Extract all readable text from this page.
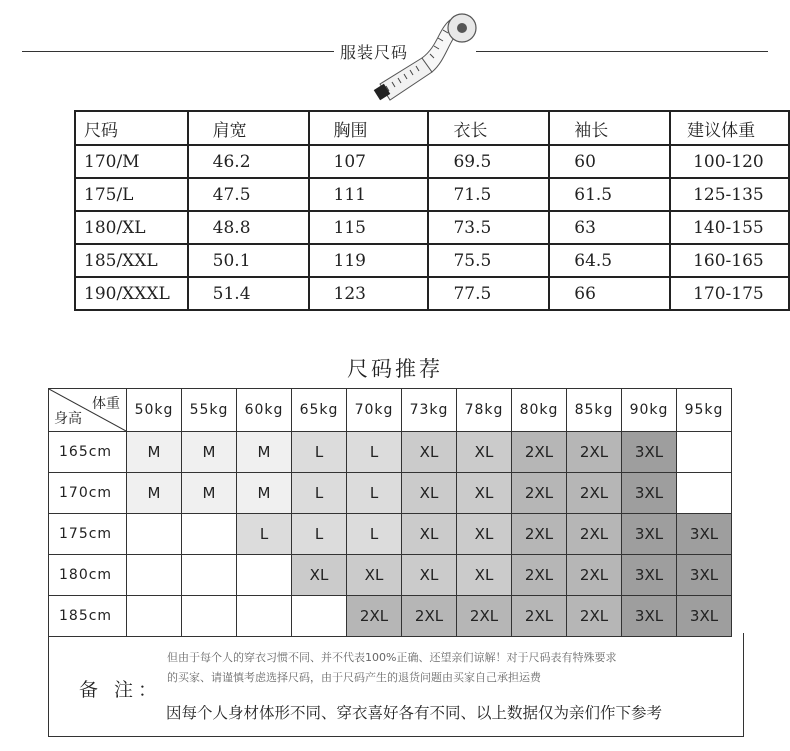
服装尺码
尺码	肩宽	胸围	衣长	袖长	建议体重
170/M	46.2	107	69.5	60	100-120
175/L	47.5	111	71.5	61.5	125-135
180/XL	48.8	115	73.5	63	140-155
185/XXL	50.1	119	75.5	64.5	160-165
190/XXXL	51.4	123	77.5	66	170-175
尺码推荐
体重
身高	50kg	55kg	60kg	65kg	70kg	73kg	78kg	80kg	85kg	90kg	95kg
165cm	M	M	M	L	L	XL	XL	2XL	2XL	3XL	
170cm	M	M	M	L	L	XL	XL	2XL	2XL	3XL	
175cm			L	L	L	XL	XL	2XL	2XL	3XL	3XL
180cm				XL	XL	XL	XL	2XL	2XL	3XL	3XL
185cm					2XL	2XL	2XL	2XL	2XL	3XL	3XL
备 注：
但由于每个人的穿衣习惯不同、并不代表100%正确、还望亲们谅解！对于尺码表有特殊要求
的买家、请谨慎考虑选择尺码，由于尺码产生的退货问题由买家自己承担运费
因每个人身材体形不同、穿衣喜好各有不同、以上数据仅为亲们作下参考
